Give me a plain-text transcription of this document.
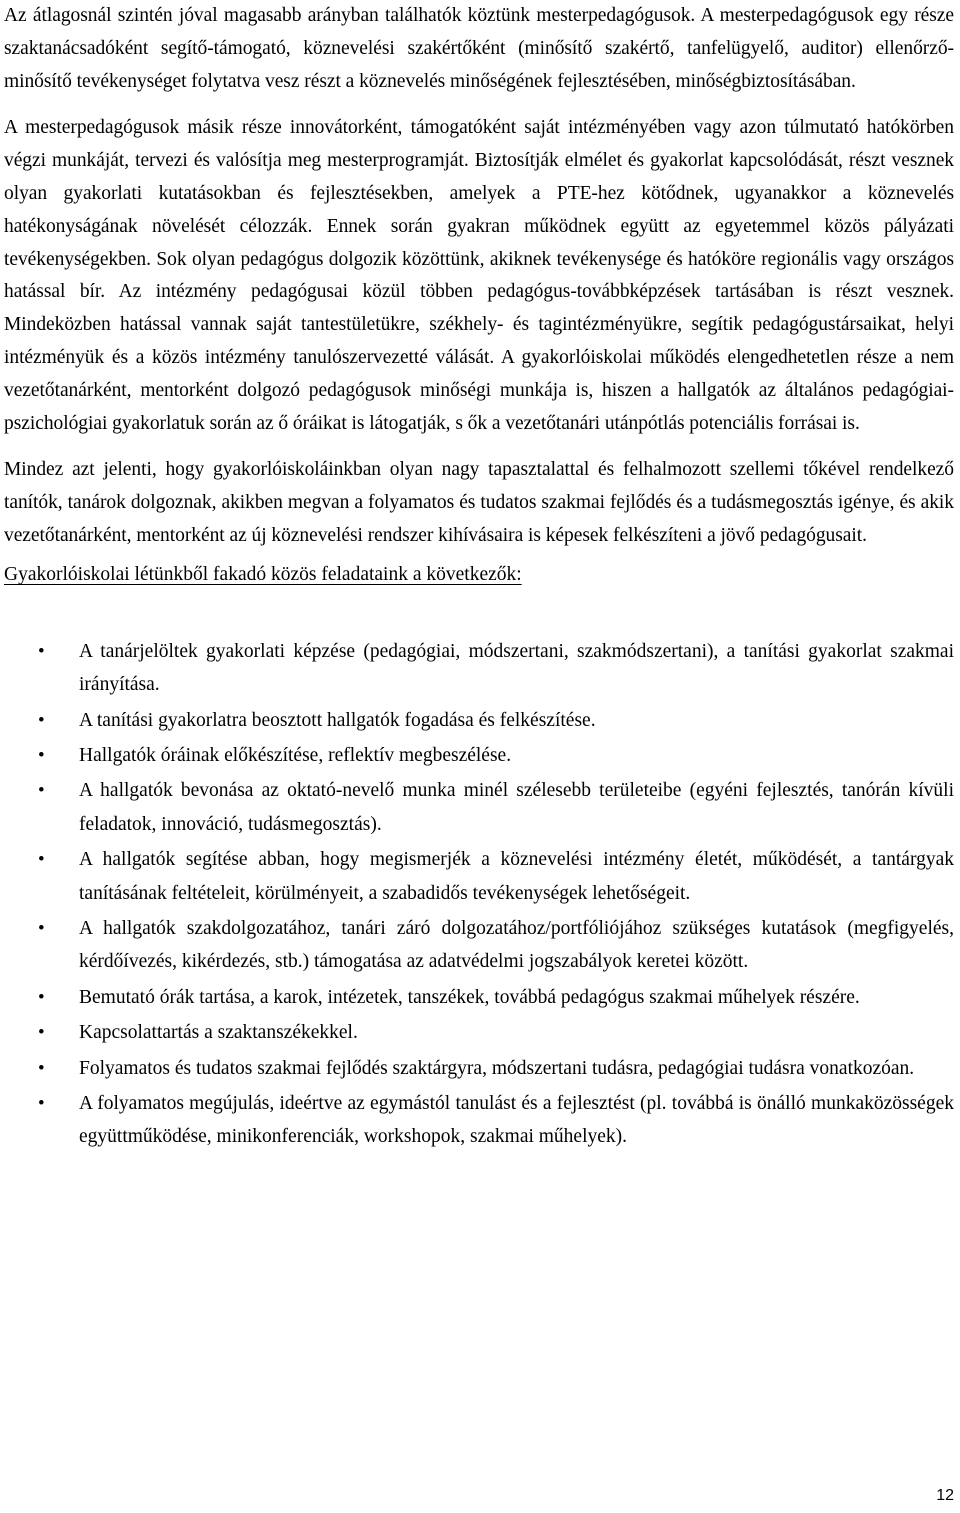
Az átlagosnál szintén jóval magasabb arányban találhatók köztünk mesterpedagógusok. A mesterpedagógusok egy része szaktanácsadóként segítő-támogató, köznevelési szakértőként (minősítő szakértő, tanfelügyelő, auditor) ellenőrző-minősítő tevékenységet folytatva vesz részt a köznevelés minőségének fejlesztésében, minőségbiztosításában.

A mesterpedagógusok másik része innovátorként, támogatóként saját intézményében vagy azon túlmutató hatókörben végzi munkáját, tervezi és valósítja meg mesterprogramját. Biztosítják elmélet és gyakorlat kapcsolódását, részt vesznek olyan gyakorlati kutatásokban és fejlesztésekben, amelyek a PTE-hez kötődnek, ugyanakkor a köznevelés hatékonyságának növelését célozzák. Ennek során gyakran működnek együtt az egyetemmel közös pályázati tevékenységekben. Sok olyan pedagógus dolgozik közöttünk, akiknek tevékenysége és hatóköre regionális vagy országos hatással bír. Az intézmény pedagógusai közül többen pedagógus-továbbképzések tartásában is részt vesznek. Mindeközben hatással vannak saját tantestületükre, székhely- és tagintézményükre, segítik pedagógustársaikat, helyi intézményük és a közös intézmény tanulószervezetté válását. A gyakorlóiskolai működés elengedhetetlen része a nem vezetőtanárként, mentorként dolgozó pedagógusok minőségi munkája is, hiszen a hallgatók az általános pedagógiai-pszichológiai gyakorlatuk során az ő óráikat is látogatják, s ők a vezetőtanári utánpótlás potenciális forrásai is.

Mindez azt jelenti, hogy gyakorlóiskoláinkban olyan nagy tapasztalattal és felhalmozott szellemi tőkével rendelkező tanítók, tanárok dolgoznak, akikben megvan a folyamatos és tudatos szakmai fejlődés és a tudásmegosztás igénye, és akik vezetőtanárként, mentorként az új köznevelési rendszer kihívásaira is képesek felkészíteni a jövő pedagógusait.

Gyakorlóiskolai létünkből fakadó közös feladataink a következők:

• A tanárjelöltek gyakorlati képzése (pedagógiai, módszertani, szakmódszertani), a tanítási gyakorlat szakmai irányítása.
• A tanítási gyakorlatra beosztott hallgatók fogadása és felkészítése.
• Hallgatók óráinak előkészítése, reflektív megbeszélése.
• A hallgatók bevonása az oktató-nevelő munka minél szélesebb területeibe (egyéni fejlesztés, tanórán kívüli feladatok, innováció, tudásmegosztás).
• A hallgatók segítése abban, hogy megismerjék a köznevelési intézmény életét, működését, a tantárgyak tanításának feltételeit, körülményeit, a szabadidős tevékenységek lehetőségeit.
• A hallgatók szakdolgozatához, tanári záró dolgozatához/portfóliójához szükséges kutatások (megfigyelés, kérdőívezés, kikérdezés, stb.) támogatása az adatvédelmi jogszabályok keretei között.
• Bemutató órák tartása, a karok, intézetek, tanszékek, továbbá pedagógus szakmai műhelyek részére.
• Kapcsolattartás a szaktanszékekkel.
• Folyamatos és tudatos szakmai fejlődés szaktárgyra, módszertani tudásra, pedagógiai tudásra vonatkozóan.
• A folyamatos megújulás, ideértve az egymástól tanulást és a fejlesztést (pl. továbbá is önálló munkaközösségek együttműködése, minikonferenciák, workshopok, szakmai műhelyek).
12
